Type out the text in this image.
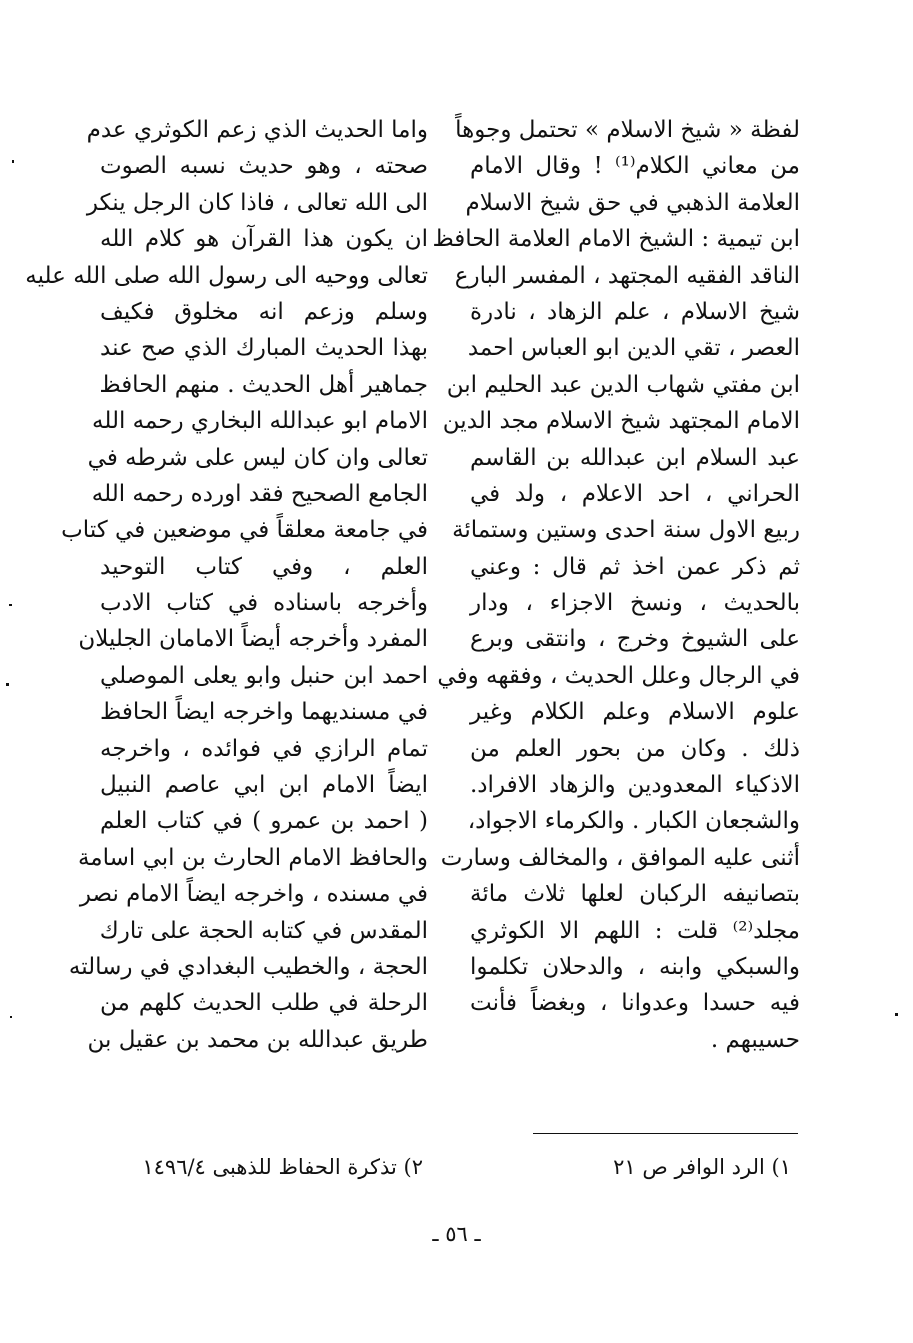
لفظة « شيخ الاسلام » تحتمل وجوهاً
من معاني الكلام⁽¹⁾ ! وقال الامام
العلامة الذهبي في حق شيخ الاسلام
ابن تيمية : الشيخ الامام العلامة الحافظ
الناقد الفقيه المجتهد ، المفسر البارع
شيخ الاسلام ، علم الزهاد ، نادرة
العصر ، تقي الدين ابو العباس احمد
ابن مفتي شهاب الدين عبد الحليم ابن
الامام المجتهد شيخ الاسلام مجد الدين
عبد السلام ابن عبدالله بن القاسم
الحراني ، احد الاعلام ، ولد في
ربيع الاول سنة احدى وستين وستمائة
ثم ذكر عمن اخذ ثم قال : وعني
بالحديث ، ونسخ الاجزاء ، ودار
على الشيوخ وخرج ، وانتقى وبرع
في الرجال وعلل الحديث ، وفقهه وفي
علوم الاسلام وعلم الكلام وغير
ذلك . وكان من بحور العلم من
الاذكياء المعدودين والزهاد الافراد.
والشجعان الكبار . والكرماء الاجواد،
أثنى عليه الموافق ، والمخالف وسارت
بتصانيفه الركبان لعلها ثلاث مائة
مجلد⁽²⁾ قلت : اللهم الا الكوثري
والسبكي وابنه ، والدحلان تكلموا
فيه حسدا وعدوانا ، وبغضاً فأنت
حسيبهم .
واما الحديث الذي زعم الكوثري عدم
صحته ، وهو حديث نسبه الصوت
الى الله تعالى ، فاذا كان الرجل ينكر
ان يكون هذا القرآن هو كلام الله
تعالى ووحيه الى رسول الله صلى الله عليه
وسلم وزعم انه مخلوق فكيف
بهذا الحديث المبارك الذي صح عند
جماهير أهل الحديث . منهم الحافظ
الامام ابو عبدالله البخاري رحمه الله
تعالى وان كان ليس على شرطه في
الجامع الصحيح فقد اورده رحمه الله
في جامعة معلقاً في موضعين في كتاب
العلم ، وفي كتاب التوحيد
وأخرجه باسناده في كتاب الادب
المفرد وأخرجه أيضاً الامامان الجليلان
احمد ابن حنبل وابو يعلى الموصلي
في مسنديهما واخرجه ايضاً الحافظ
تمام الرازي في فوائده ، واخرجه
ايضاً الامام ابن ابي عاصم النبيل
( احمد بن عمرو ) في كتاب العلم
والحافظ الامام الحارث بن ابي اسامة
في مسنده ، واخرجه ايضاً الامام نصر
المقدس في كتابه الحجة على تارك
الحجة ، والخطيب البغدادي في رسالته
الرحلة في طلب الحديث كلهم من
طريق عبدالله بن محمد بن عقيل بن
١) الرد الوافر ص ٢١
٢) تذكرة الحفاظ للذهبى ١٤٩٦/٤
ـ ٥٦ ـ
